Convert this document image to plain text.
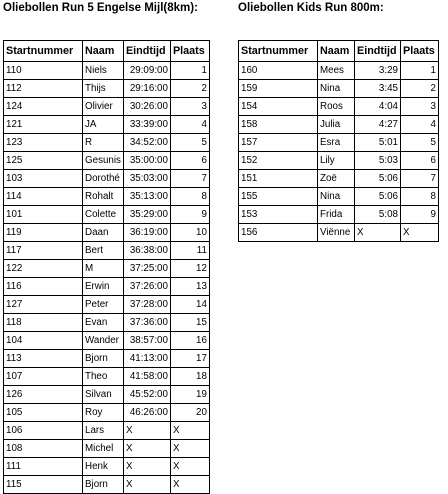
Oliebollen Run 5 Engelse Mijl(8km):	Oliebollen Kids Run 800m:
Startnummer	Naam	Eindtijd	Plaats
110	Niels	29:09:00	1
112	Thijs	29:16:00	2
124	Olivier	30:26:00	3
121	JA	33:39:00	4
123	R	34:52:00	5
125	Gesunis	35:00:00	6
103	Dorothé	35:03:00	7
114	Rohalt	35:13:00	8
101	Colette	35:29:00	9
119	Daan	36:19:00	10
117	Bert	36:38:00	11
122	M	37:25:00	12
116	Erwin	37:26:00	13
127	Peter	37:28:00	14
118	Evan	37:36:00	15
104	Wander	38:57:00	16
113	Bjorn	41:13:00	17
107	Theo	41:58:00	18
126	Silvan	45:52:00	19
105	Roy	46:26:00	20
106	Lars	X	X
108	Michel	X	X
111	Henk	X	X
115	Bjorn	X	X
Startnummer	Naam	Eindtijd	Plaats
160	Mees	3:29	1
159	Nina	3:45	2
154	Roos	4:04	3
158	Julia	4:27	4
157	Esra	5:01	5
152	Lily	5:03	6
151	Zoë	5:06	7
155	Nina	5:06	8
153	Frida	5:08	9
156	Viënne	X	X
